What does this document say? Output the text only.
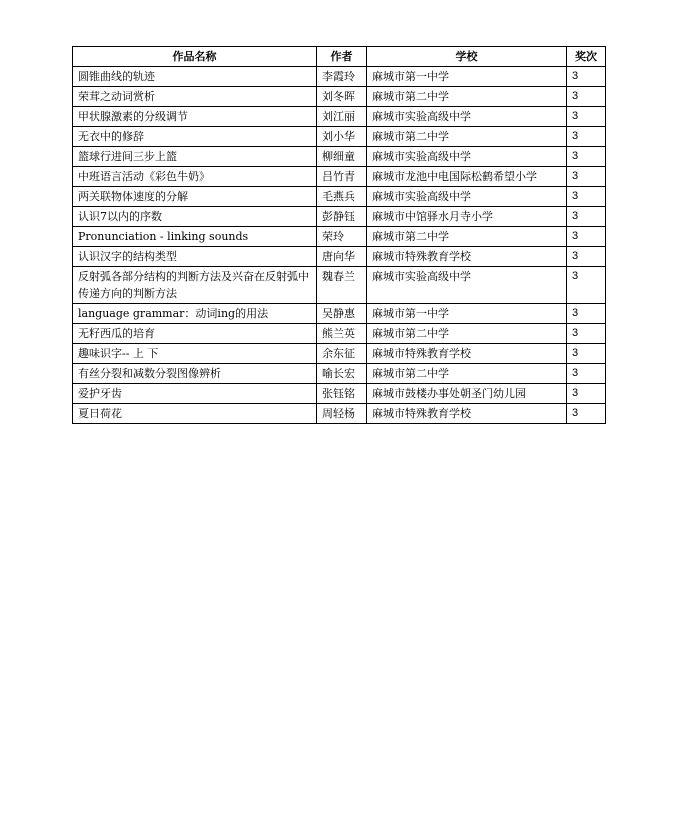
作品名称	作者	学校	奖次
圆锥曲线的轨迹	李霞玲	麻城市第一中学	3
荣茸之动词赏析	刘冬晖	麻城市第二中学	3
甲状腺激素的分级调节	刘江丽	麻城市实验高级中学	3
无衣中的修辞	刘小华	麻城市第二中学	3
篮球行进间三步上篮	柳细童	麻城市实验高级中学	3
中班语言活动《彩色牛奶》	吕竹青	麻城市龙池中电国际松鹤希望小学	3
两关联物体速度的分解	毛燕兵	麻城市实验高级中学	3
认识7以内的序数	彭静钰	麻城市中馆驿水月寺小学	3
Pronunciation - linking sounds	荣玲	麻城市第二中学	3
认识汉字的结构类型	唐向华	麻城市特殊教育学校	3
反射弧各部分结构的判断方法及兴奋在反射弧中传递方向的判断方法	魏春兰	麻城市实验高级中学	3
language grammar：动词ing的用法	吴静惠	麻城市第一中学	3
无籽西瓜的培育	熊兰英	麻城市第二中学	3
趣味识字-- 上 下	余东征	麻城市特殊教育学校	3
有丝分裂和减数分裂图像辨析	喻长宏	麻城市第二中学	3
爱护牙齿	张钰铭	麻城市鼓楼办事处朝圣门幼儿园	3
夏日荷花	周轻杨	麻城市特殊教育学校	3
